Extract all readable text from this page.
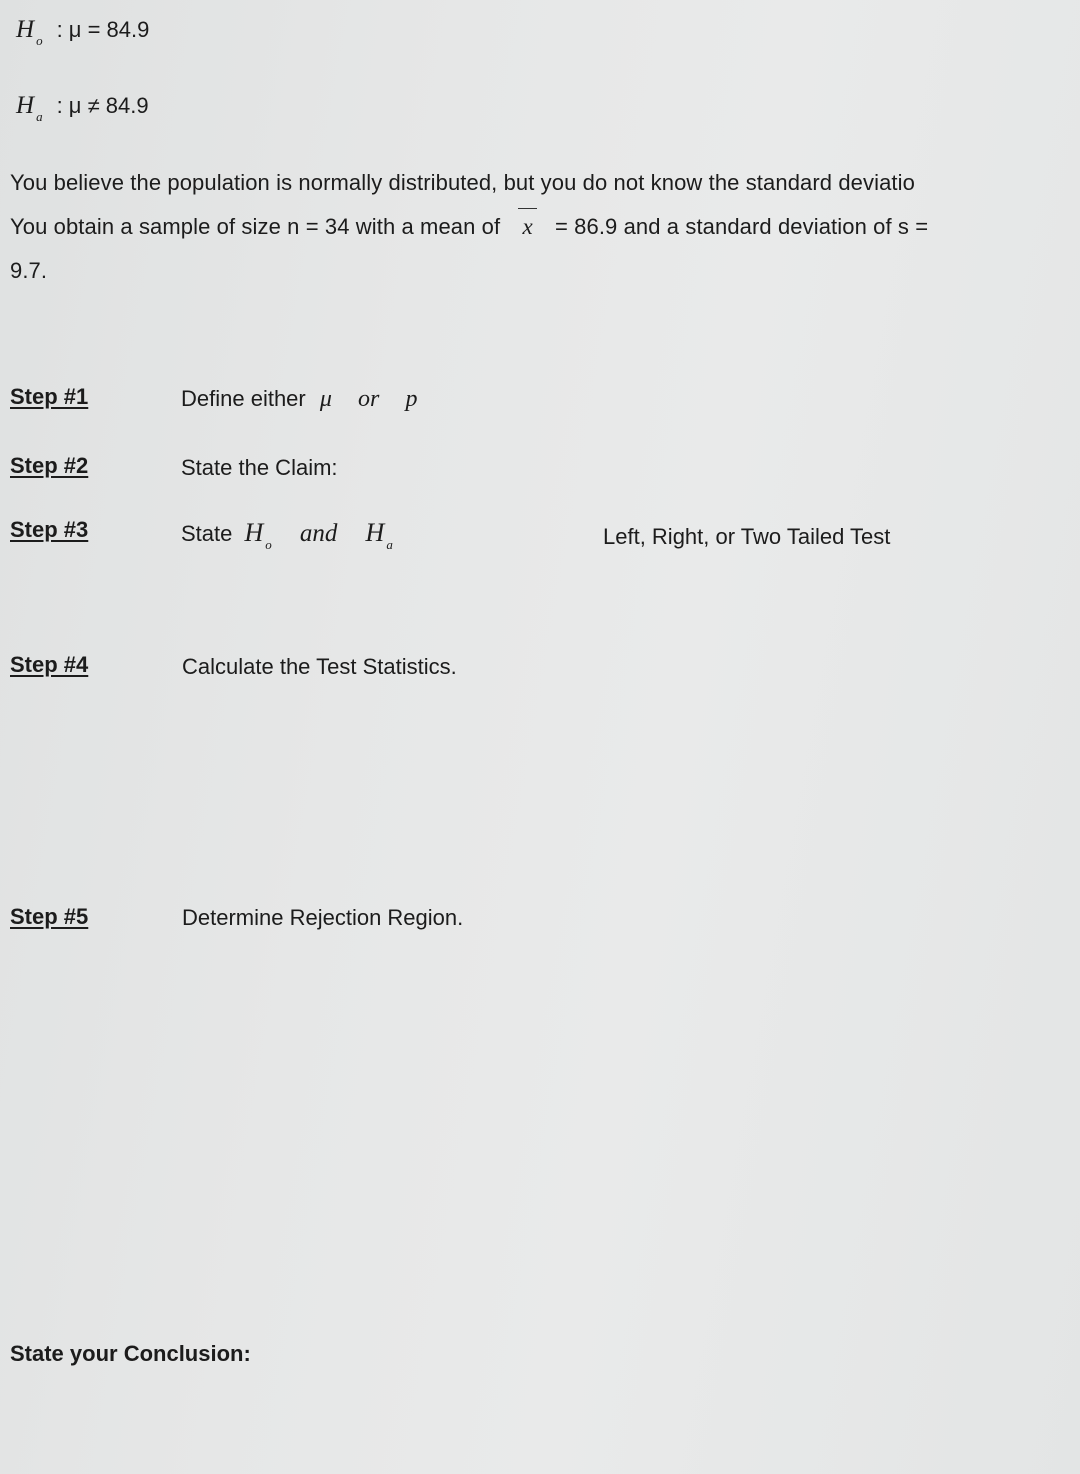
H $_o$ : μ = 84.9
H $_a$ : μ ≠ 84.9
You believe the population is normally distributed, but you do not know the standard deviatio
You obtain a sample of size n = 34 with a mean of x = 86.9 and a standard deviation of s =
9.7.
Step #1	Define either μ or p
Step #2	State the Claim:
Step #3	State H $_o$ and H $_a$	Left, Right, or Two Tailed Test
Step #4	Calculate the Test Statistics.
Step #5	Determine Rejection Region.
State your Conclusion:
